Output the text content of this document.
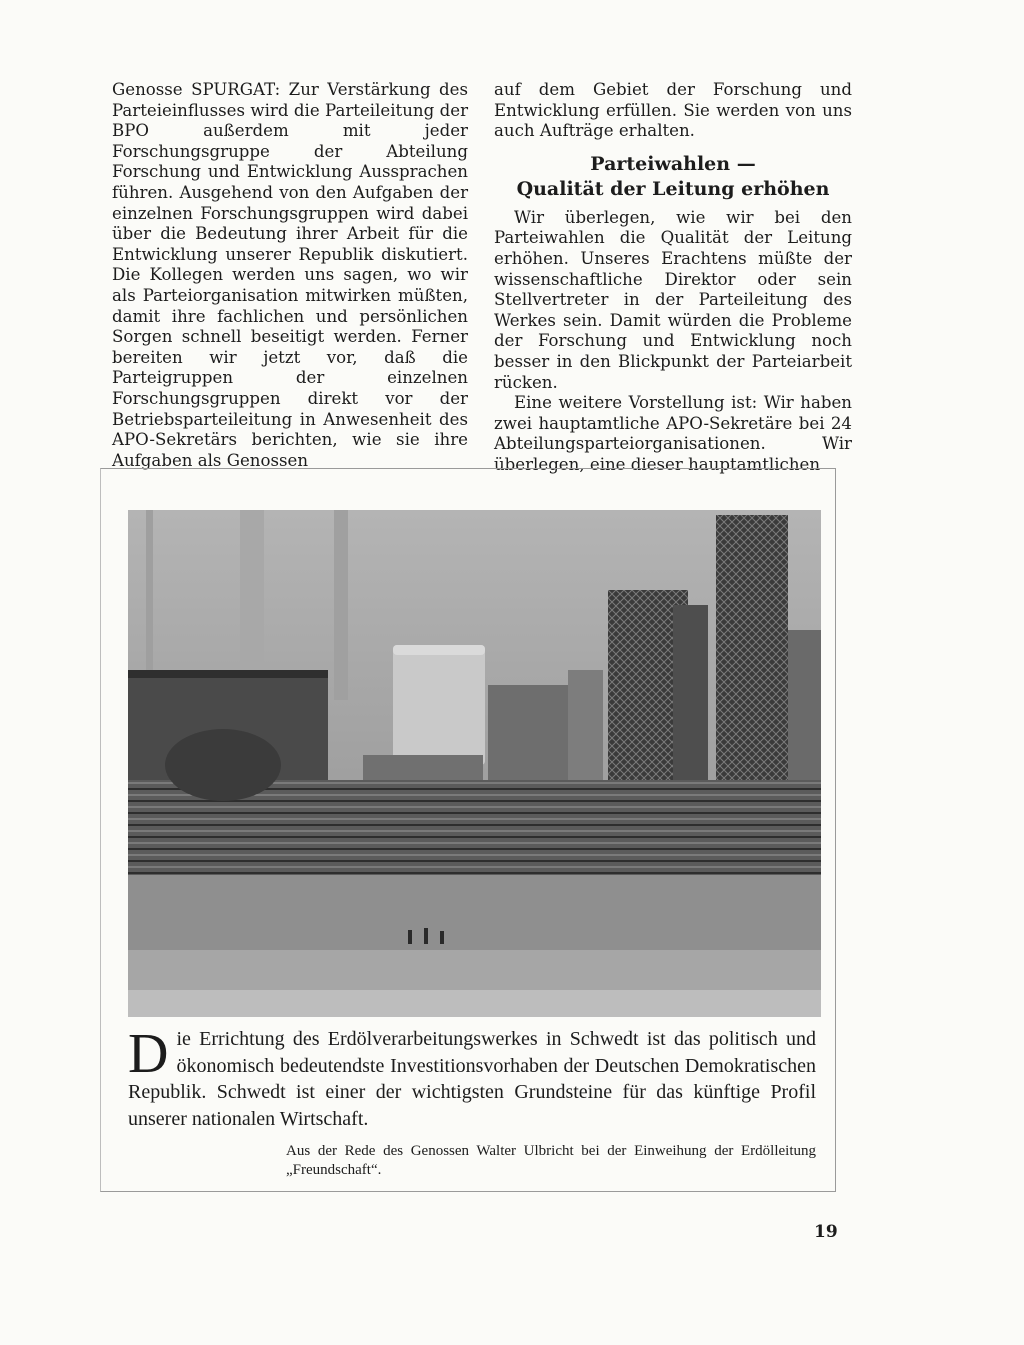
Genosse SPURGAT: Zur Verstärkung des Parteieinflusses wird die Parteileitung der BPO außerdem mit jeder Forschungsgruppe der Abteilung Forschung und Entwicklung Aussprachen führen. Ausgehend von den Aufgaben der einzelnen Forschungsgruppen wird dabei über die Bedeutung ihrer Arbeit für die Entwicklung unserer Republik diskutiert. Die Kollegen werden uns sagen, wo wir als Parteiorganisation mitwirken müßten, damit ihre fachlichen und persönlichen Sorgen schnell beseitigt werden. Ferner bereiten wir jetzt vor, daß die Parteigruppen der einzelnen Forschungsgruppen direkt vor der Betriebsparteileitung in Anwesenheit des APO-Sekretärs berichten, wie sie ihre Aufgaben als Genossen

auf dem Gebiet der Forschung und Entwicklung erfüllen. Sie werden von uns auch Aufträge erhalten.

Parteiwahlen —
Qualität der Leitung erhöhen

Wir überlegen, wie wir bei den Parteiwahlen die Qualität der Leitung erhöhen. Unseres Erachtens müßte der wissenschaftliche Direktor oder sein Stellvertreter in der Parteileitung des Werkes sein. Damit würden die Probleme der Forschung und Entwicklung noch besser in den Blickpunkt der Parteiarbeit rücken.

Eine weitere Vorstellung ist: Wir haben zwei hauptamtliche APO-Sekretäre bei 24 Abteilungsparteiorganisationen. Wir überlegen, eine dieser hauptamtlichen

D ie Errichtung des Erdölverarbeitungswerkes in Schwedt ist das politisch und ökonomisch bedeutendste Investitionsvorhaben der Deutschen Demokratischen Republik. Schwedt ist einer der wichtigsten Grundsteine für das künftige Profil unserer nationalen Wirtschaft.

Aus der Rede des Genossen Walter Ulbricht bei der Einweihung der Erdölleitung „Freundschaft“.
19
